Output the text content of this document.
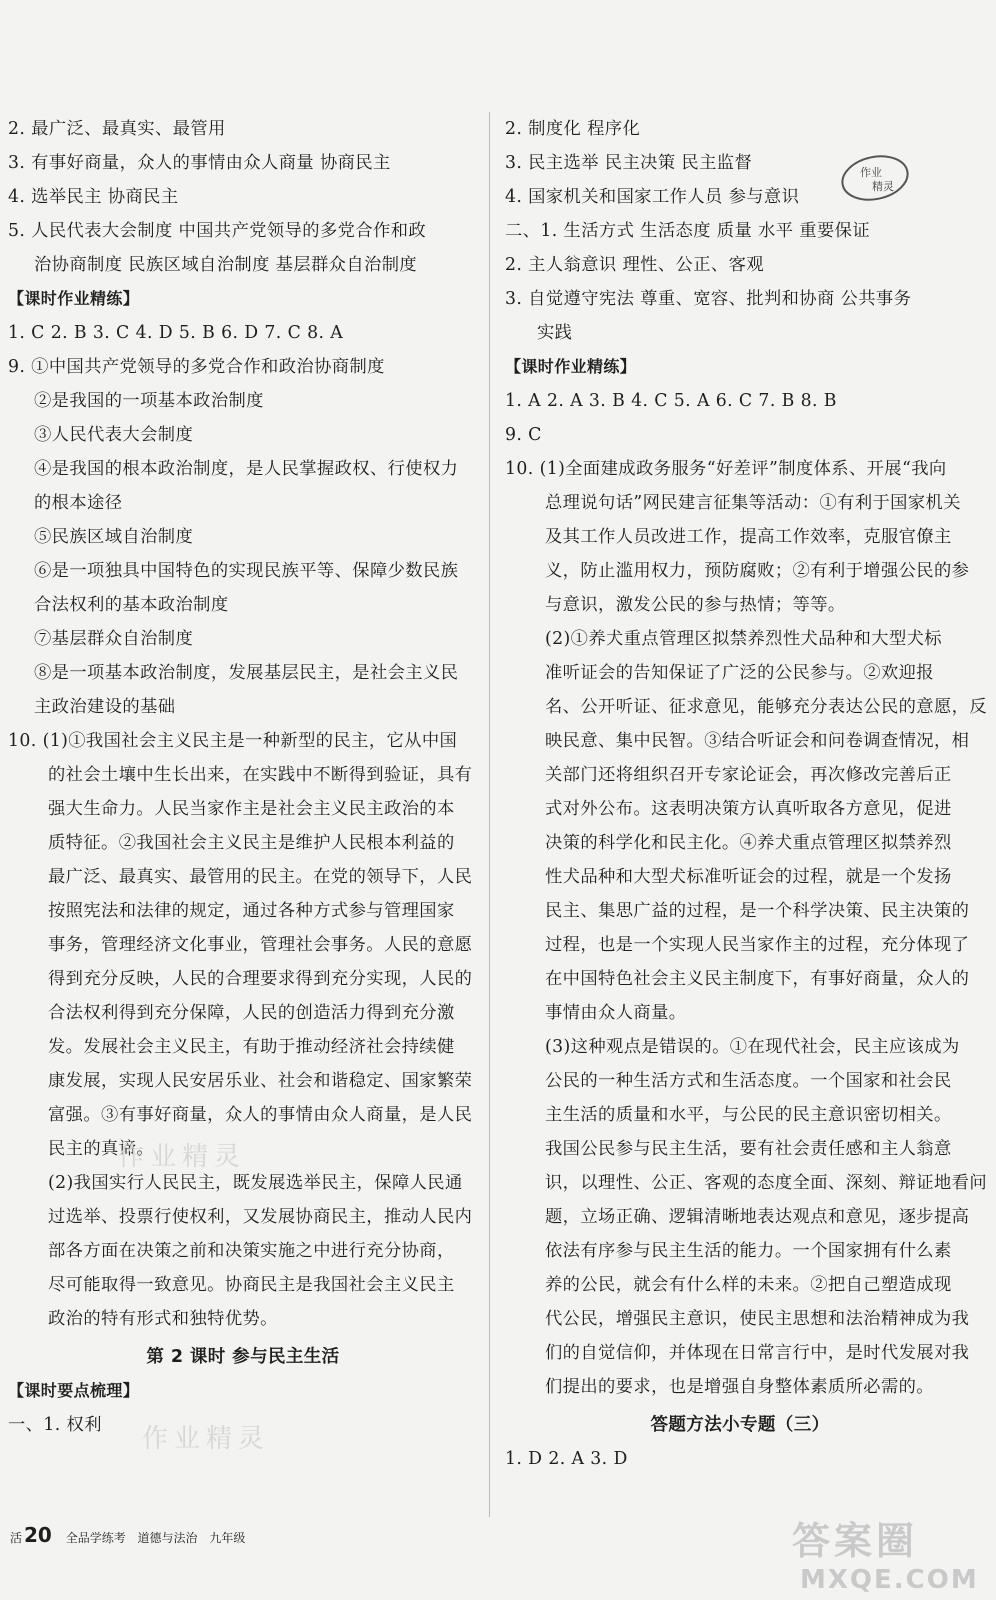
2. 最广泛、最真实、最管用
3. 有事好商量，众人的事情由众人商量 协商民主
4. 选举民主 协商民主
5. 人民代表大会制度 中国共产党领导的多党合作和政
治协商制度 民族区域自治制度 基层群众自治制度
【课时作业精练】
1. C 2. B 3. C 4. D 5. B 6. D 7. C 8. A
9. ①中国共产党领导的多党合作和政治协商制度
②是我国的一项基本政治制度
③人民代表大会制度
④是我国的根本政治制度，是人民掌握政权、行使权力
的根本途径
⑤民族区域自治制度
⑥是一项独具中国特色的实现民族平等、保障少数民族
合法权利的基本政治制度
⑦基层群众自治制度
⑧是一项基本政治制度，发展基层民主，是社会主义民
主政治建设的基础
10. (1)①我国社会主义民主是一种新型的民主，它从中国
的社会土壤中生长出来，在实践中不断得到验证，具有
强大生命力。人民当家作主是社会主义民主政治的本
质特征。②我国社会主义民主是维护人民根本利益的
最广泛、最真实、最管用的民主。在党的领导下，人民
按照宪法和法律的规定，通过各种方式参与管理国家
事务，管理经济文化事业，管理社会事务。人民的意愿
得到充分反映，人民的合理要求得到充分实现，人民的
合法权利得到充分保障，人民的创造活力得到充分激
发。发展社会主义民主，有助于推动经济社会持续健
康发展，实现人民安居乐业、社会和谐稳定、国家繁荣
富强。③有事好商量，众人的事情由众人商量，是人民
民主的真谛。
(2)我国实行人民民主，既发展选举民主，保障人民通
过选举、投票行使权利，又发展协商民主，推动人民内
部各方面在决策之前和决策实施之中进行充分协商，
尽可能取得一致意见。协商民主是我国社会主义民主
政治的特有形式和独特优势。
第 2 课时 参与民主生活
【课时要点梳理】
一、1. 权利
2. 制度化 程序化
3. 民主选举 民主决策 民主监督
4. 国家机关和国家工作人员 参与意识
二、1. 生活方式 生活态度 质量 水平 重要保证
2. 主人翁意识 理性、公正、客观
3. 自觉遵守宪法 尊重、宽容、批判和协商 公共事务
实践
【课时作业精练】
1. A 2. A 3. B 4. C 5. A 6. C 7. B 8. B
9. C
10. (1)全面建成政务服务“好差评”制度体系、开展“我向
总理说句话”网民建言征集等活动：①有利于国家机关
及其工作人员改进工作，提高工作效率，克服官僚主
义，防止滥用权力，预防腐败；②有利于增强公民的参
与意识，激发公民的参与热情；等等。
(2)①养犬重点管理区拟禁养烈性犬品种和大型犬标
准听证会的告知保证了广泛的公民参与。②欢迎报
名、公开听证、征求意见，能够充分表达公民的意愿，反
映民意、集中民智。③结合听证会和问卷调查情况，相
关部门还将组织召开专家论证会，再次修改完善后正
式对外公布。这表明决策方认真听取各方意见，促进
决策的科学化和民主化。④养犬重点管理区拟禁养烈
性犬品种和大型犬标准听证会的过程，就是一个发扬
民主、集思广益的过程，是一个科学决策、民主决策的
过程，也是一个实现人民当家作主的过程，充分体现了
在中国特色社会主义民主制度下，有事好商量，众人的
事情由众人商量。
(3)这种观点是错误的。①在现代社会，民主应该成为
公民的一种生活方式和生活态度。一个国家和社会民
主生活的质量和水平，与公民的民主意识密切相关。
我国公民参与民主生活，要有社会责任感和主人翁意
识，以理性、公正、客观的态度全面、深刻、辩证地看问
题，立场正确、逻辑清晰地表达观点和意见，逐步提高
依法有序参与民主生活的能力。一个国家拥有什么素
养的公民，就会有什么样的未来。②把自己塑造成现
代公民，增强民主意识，使民主思想和法治精神成为我
们的自觉信仰，并体现在日常言行中，是时代发展对我
们提出的要求，也是增强自身整体素质所必需的。
答题方法小专题（三）
1. D 2. A 3. D
作业精灵
作业精灵
作业
精灵
活 20 全品学练考 道德与法治 九年级	答案圈
MXQE.COM
